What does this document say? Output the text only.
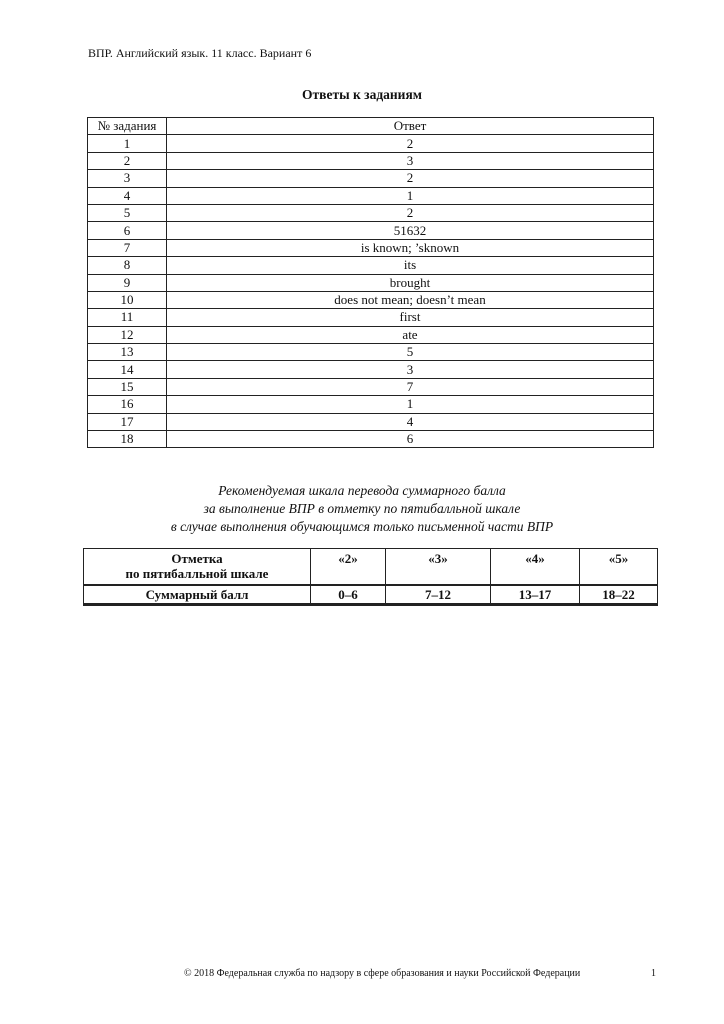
ВПР. Английский язык. 11 класс. Вариант 6
Ответы к заданиям
№ задания	Ответ
1	2
2	3
3	2
4	1
5	2
6	51632
7	is known; ’sknown
8	its
9	brought
10	does not mean; doesn’t mean
11	first
12	ate
13	5
14	3
15	7
16	1
17	4
18	6
Рекомендуемая шкала перевода суммарного балла
за выполнение ВПР в отметку по пятибалльной шкале
в случае выполнения обучающимся только письменной части ВПР
Отметка
по пятибалльной шкале	«2»	«3»	«4»	«5»
Суммарный балл	0–6	7–12	13–17	18–22
© 2018 Федеральная служба по надзору в сфере образования и науки Российской Федерации	1
